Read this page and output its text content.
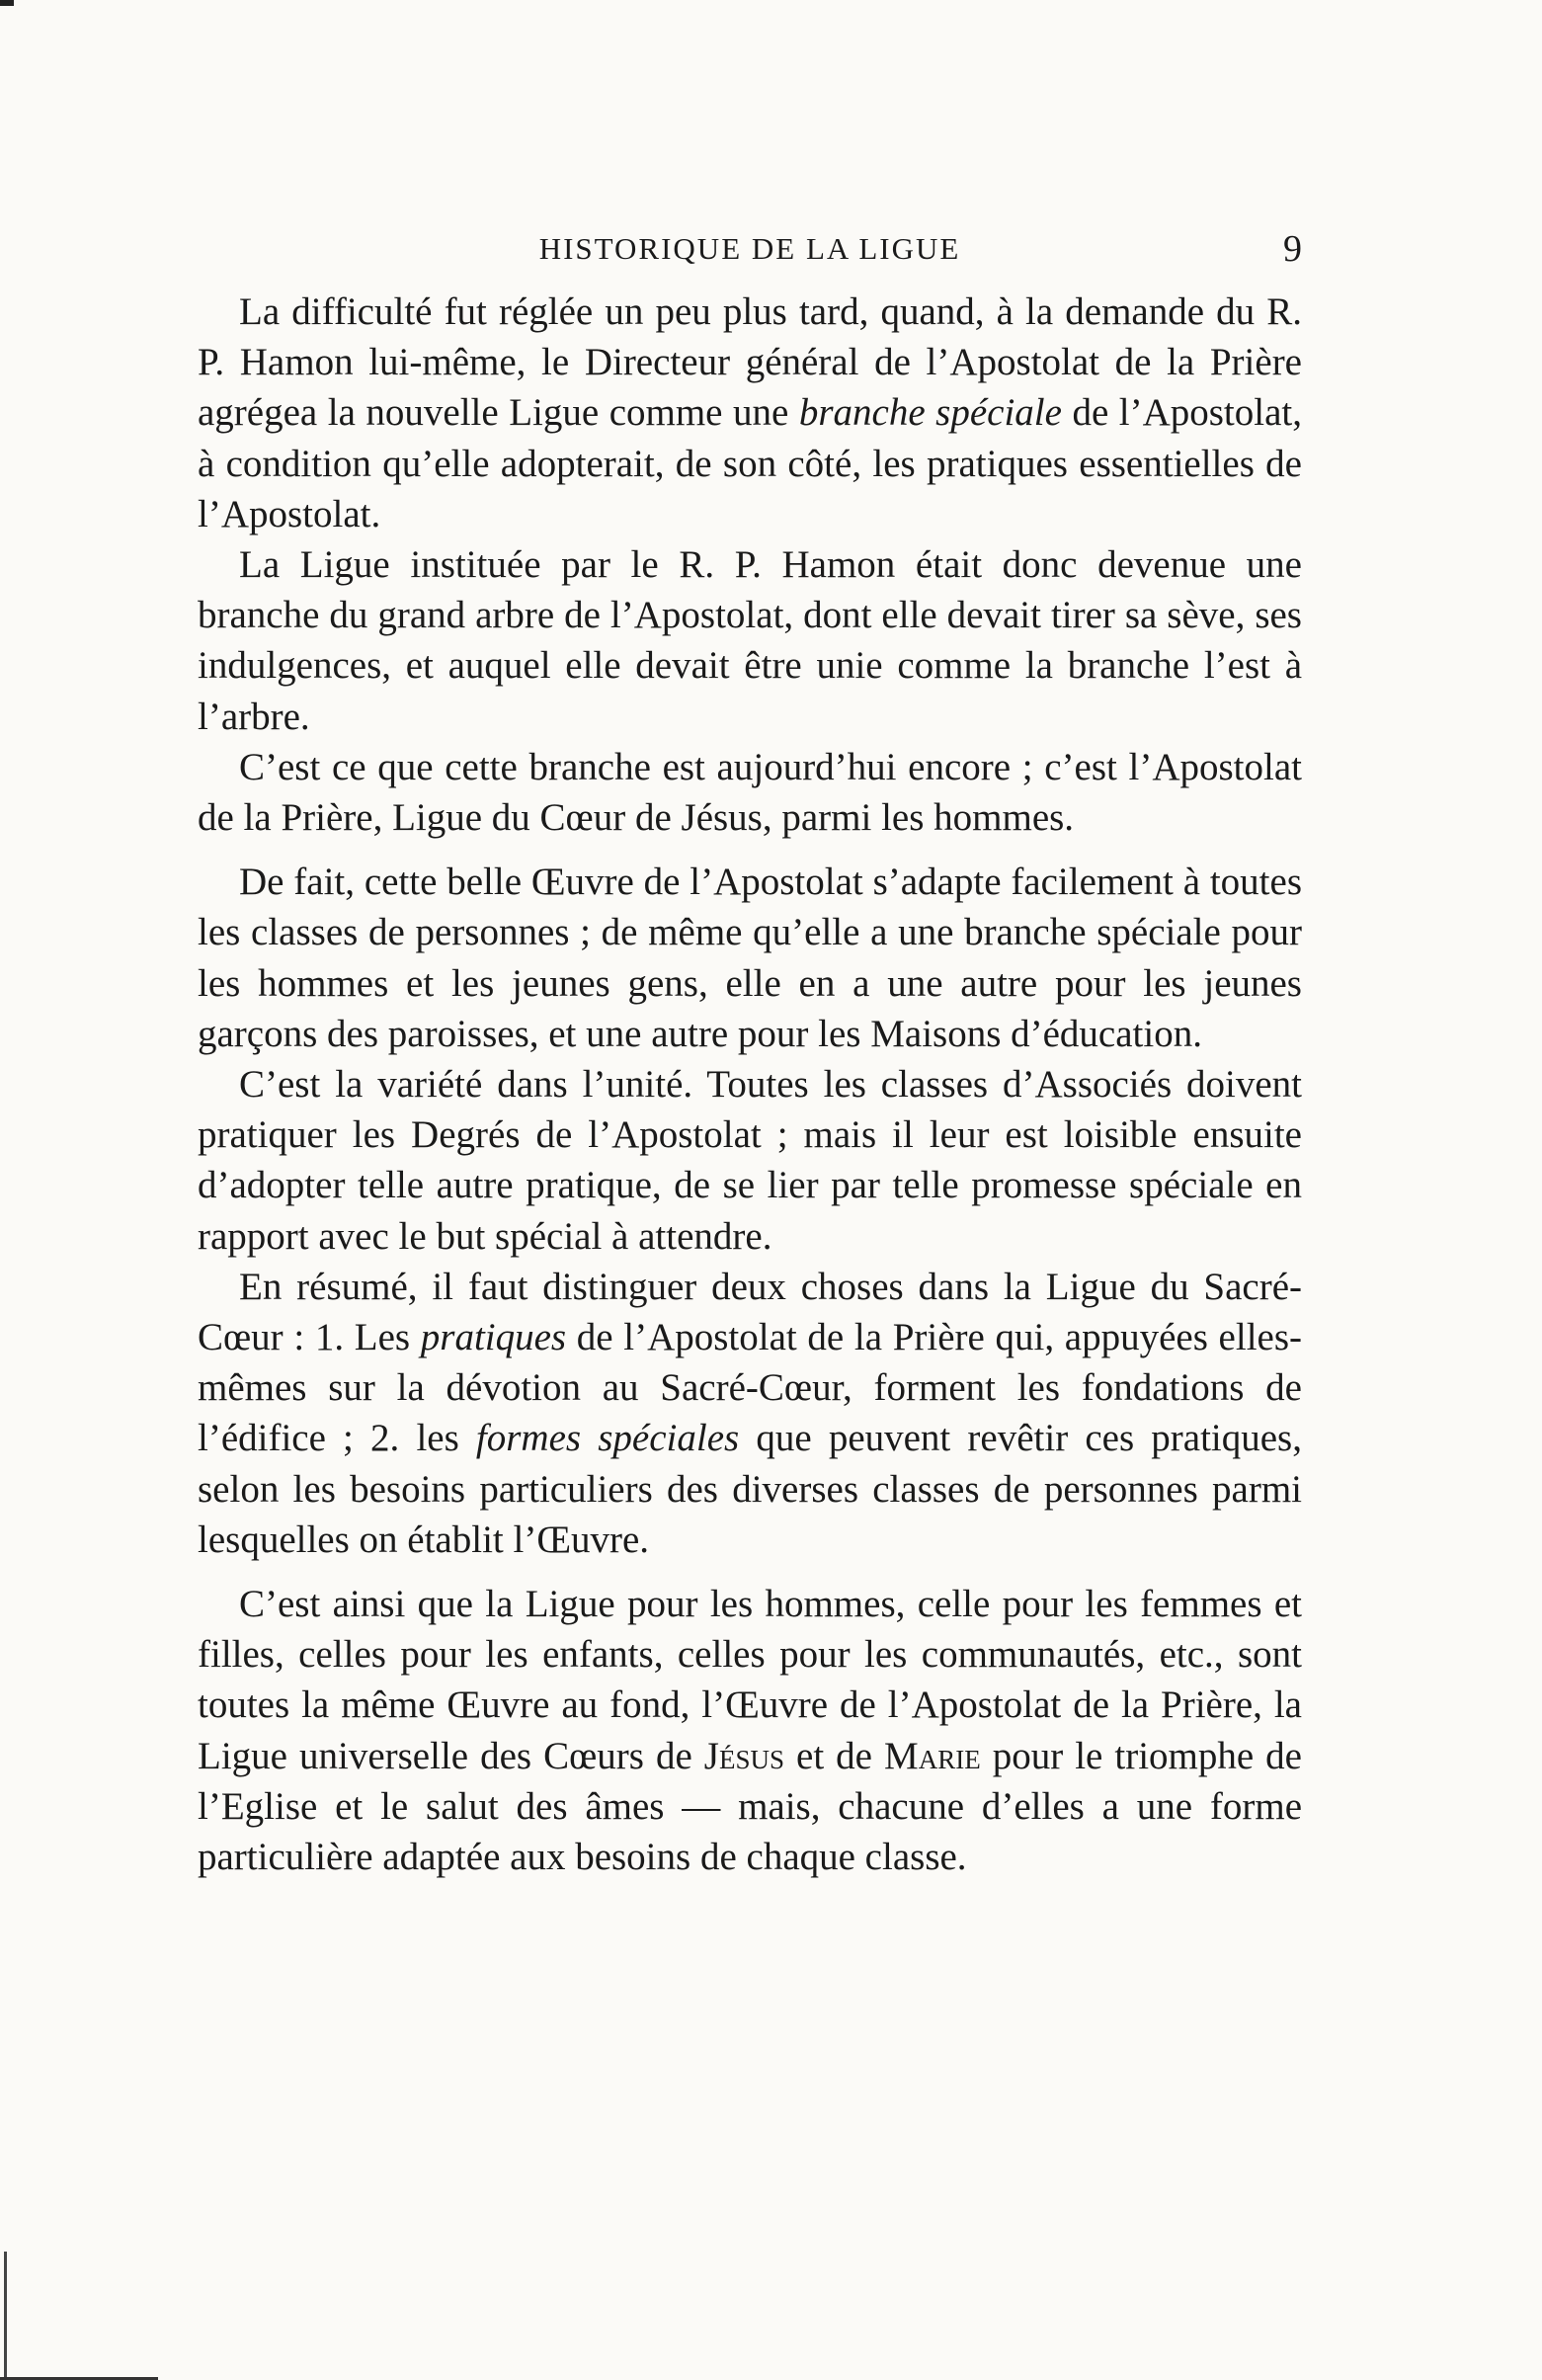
HISTORIQUE DE LA LIGUE	9

La difficulté fut réglée un peu plus tard, quand, à la demande du R. P. Hamon lui-même, le Directeur général de l’Apostolat de la Prière agrégea la nouvelle Ligue comme une branche spéciale de l’Apostolat, à condition qu’elle adopterait, de son côté, les pratiques essentielles de l’Apostolat.

La Ligue instituée par le R. P. Hamon était donc devenue une branche du grand arbre de l’Apostolat, dont elle devait tirer sa sève, ses indulgences, et auquel elle devait être unie comme la branche l’est à l’arbre.

C’est ce que cette branche est aujourd’hui encore ; c’est l’Apostolat de la Prière, Ligue du Cœur de Jésus, parmi les hommes.

De fait, cette belle Œuvre de l’Apostolat s’adapte facilement à toutes les classes de personnes ; de même qu’elle a une branche spéciale pour les hommes et les jeunes gens, elle en a une autre pour les jeunes garçons des paroisses, et une autre pour les Maisons d’éducation.

C’est la variété dans l’unité. Toutes les classes d’Associés doivent pratiquer les Degrés de l’Apostolat ; mais il leur est loisible ensuite d’adopter telle autre pratique, de se lier par telle promesse spéciale en rapport avec le but spécial à attendre.

En résumé, il faut distinguer deux choses dans la Ligue du Sacré-Cœur : 1. Les pratiques de l’Apostolat de la Prière qui, appuyées elles-mêmes sur la dévotion au Sacré-Cœur, forment les fondations de l’édifice ; 2. les formes spéciales que peuvent revêtir ces pratiques, selon les besoins particuliers des diverses classes de personnes parmi lesquelles on établit l’Œuvre.

C’est ainsi que la Ligue pour les hommes, celle pour les femmes et filles, celles pour les enfants, celles pour les communautés, etc., sont toutes la même Œuvre au fond, l’Œuvre de l’Apostolat de la Prière, la Ligue universelle des Cœurs de Jésus et de Marie pour le triomphe de l’Eglise et le salut des âmes — mais, chacune d’elles a une forme particulière adaptée aux besoins de chaque classe.
